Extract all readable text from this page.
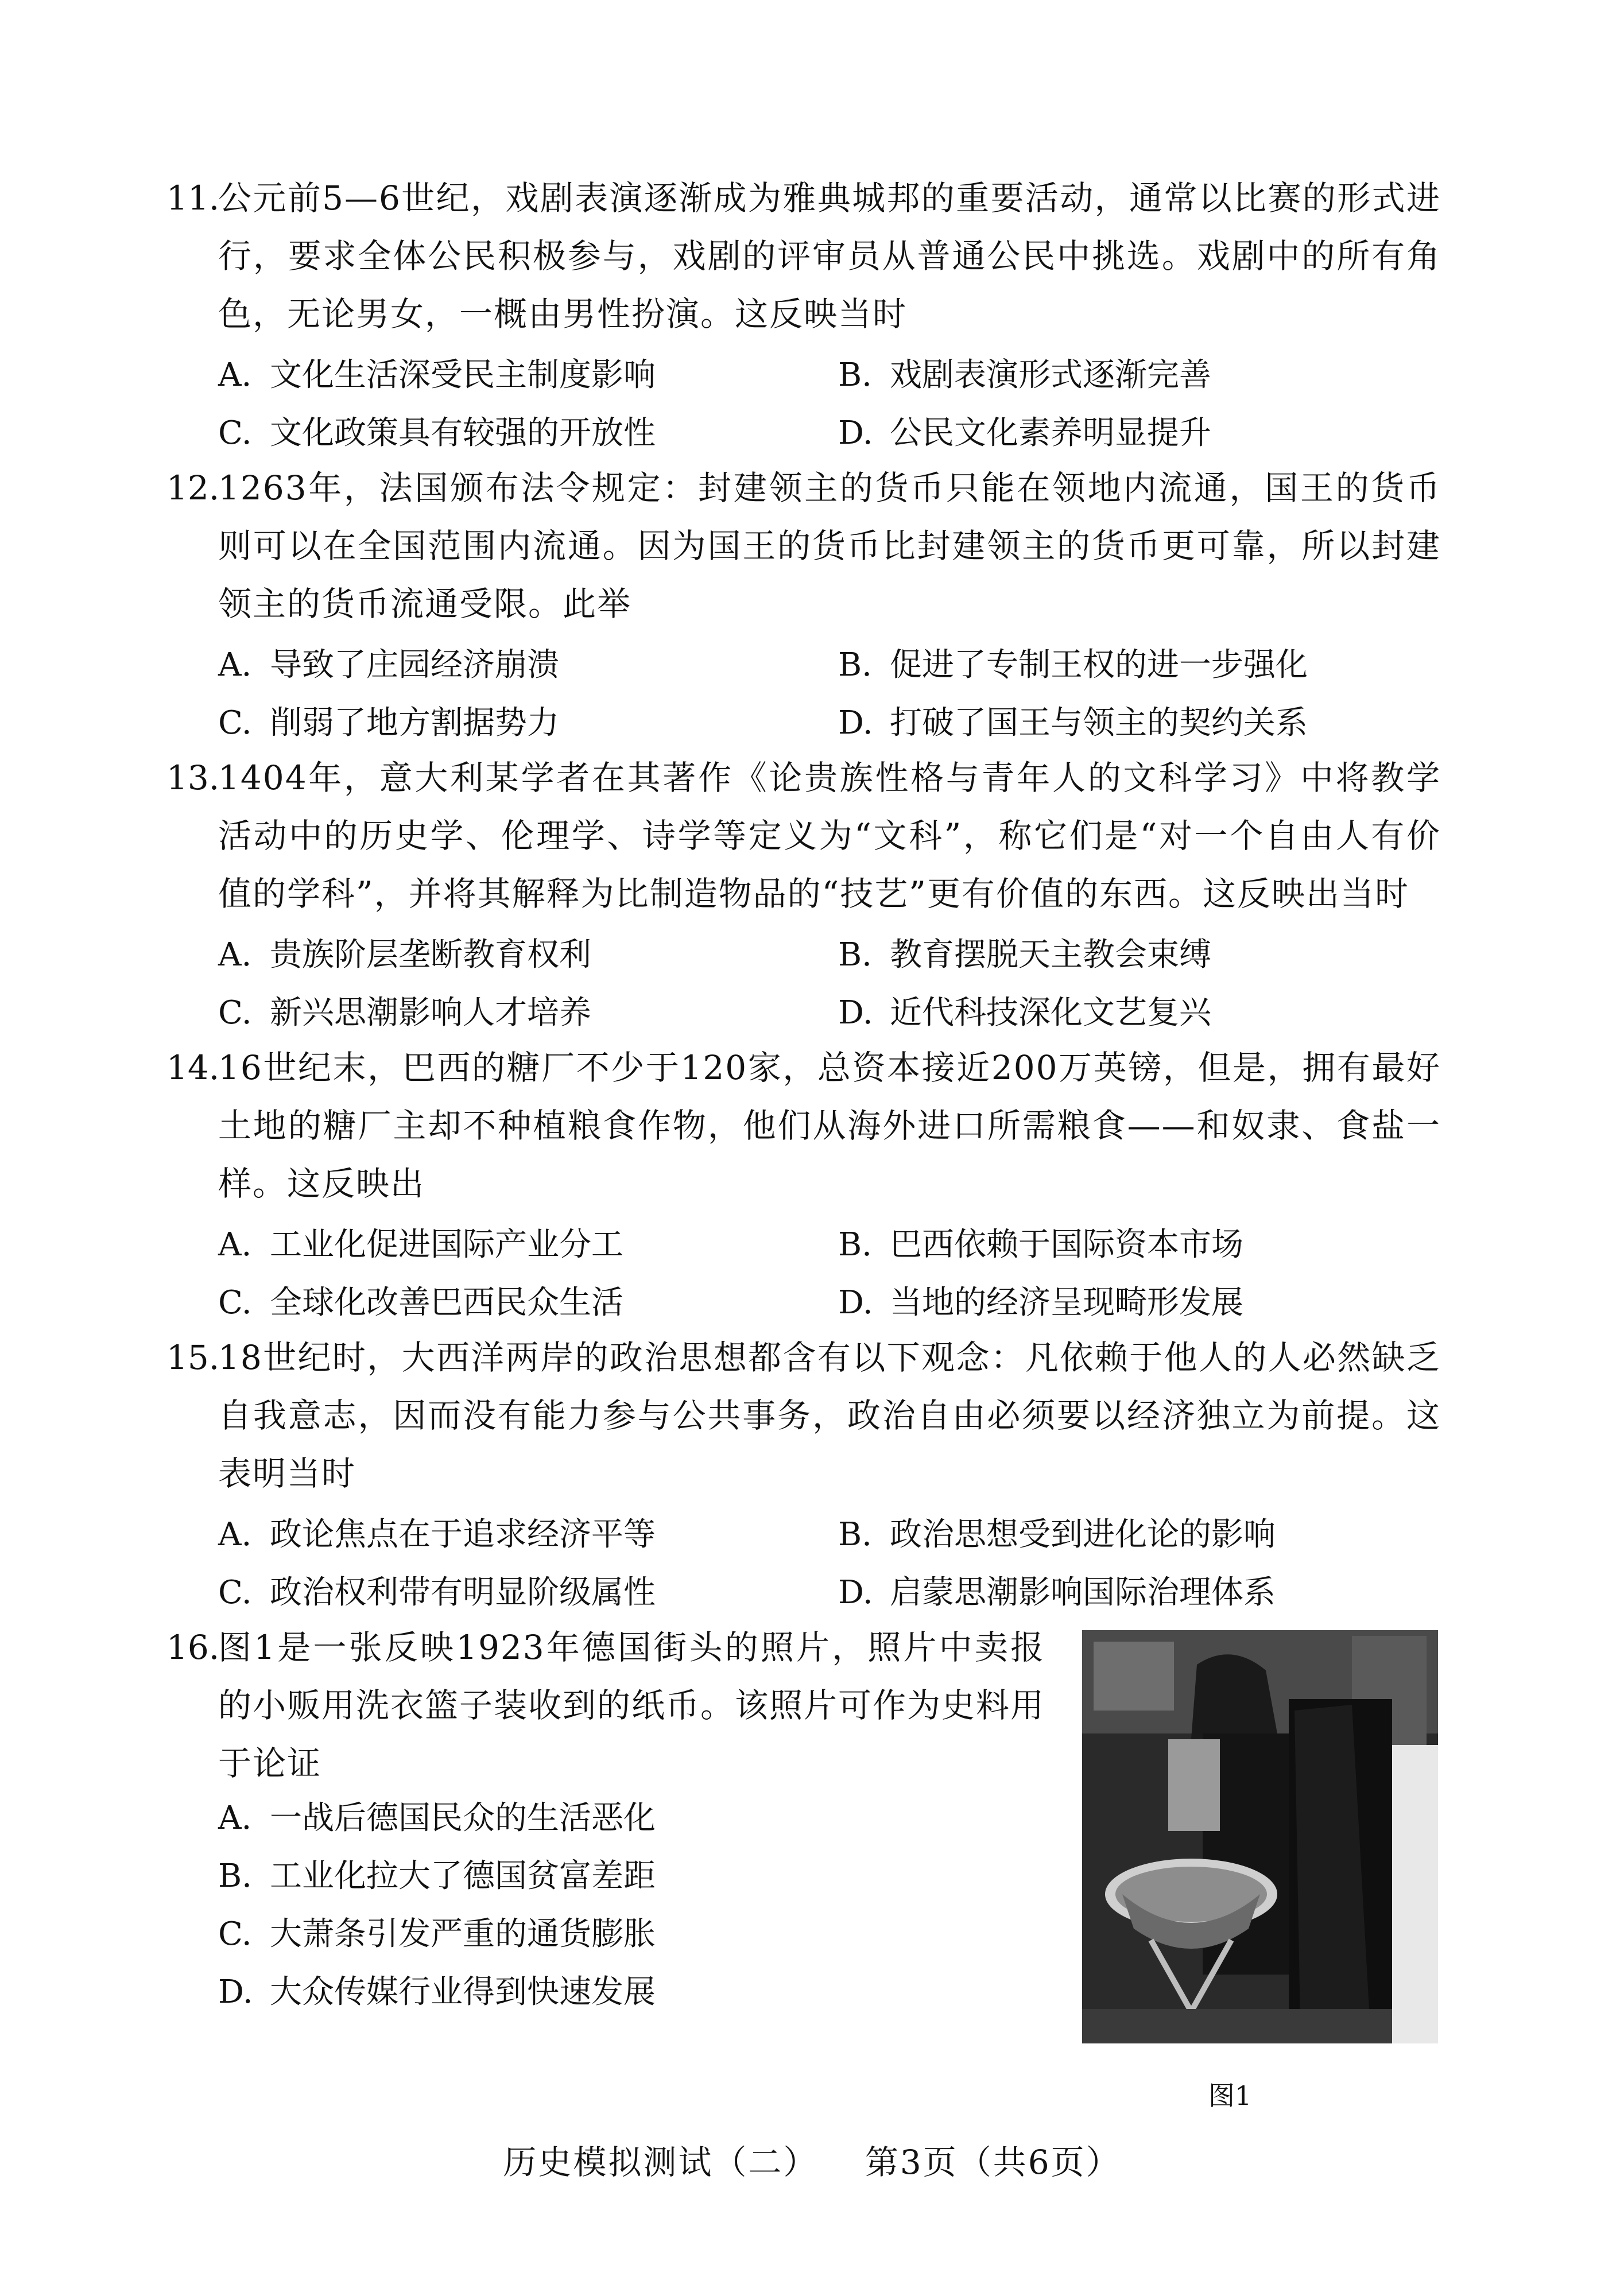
11.
公元前5—6世纪，戏剧表演逐渐成为雅典城邦的重要活动，通常以比赛的形式进行，要求全体公民积极参与，戏剧的评审员从普通公民中挑选。戏剧中的所有角色，无论男女，一概由男性扮演。这反映当时
A. 文化生活深受民主制度影响	B. 戏剧表演形式逐渐完善
C. 文化政策具有较强的开放性	D. 公民文化素养明显提升
12.
1263年，法国颁布法令规定：封建领主的货币只能在领地内流通，国王的货币则可以在全国范围内流通。因为国王的货币比封建领主的货币更可靠，所以封建领主的货币流通受限。此举
A. 导致了庄园经济崩溃	B. 促进了专制王权的进一步强化
C. 削弱了地方割据势力	D. 打破了国王与领主的契约关系
13.
1404年，意大利某学者在其著作《论贵族性格与青年人的文科学习》中将教学活动中的历史学、伦理学、诗学等定义为“文科”，称它们是“对一个自由人有价值的学科”，并将其解释为比制造物品的“技艺”更有价值的东西。这反映出当时
A. 贵族阶层垄断教育权利	B. 教育摆脱天主教会束缚
C. 新兴思潮影响人才培养	D. 近代科技深化文艺复兴
14.
16世纪末，巴西的糖厂不少于120家，总资本接近200万英镑，但是，拥有最好土地的糖厂主却不种植粮食作物，他们从海外进口所需粮食——和奴隶、食盐一样。这反映出
A. 工业化促进国际产业分工	B. 巴西依赖于国际资本市场
C. 全球化改善巴西民众生活	D. 当地的经济呈现畸形发展
15.
18世纪时，大西洋两岸的政治思想都含有以下观念：凡依赖于他人的人必然缺乏自我意志，因而没有能力参与公共事务，政治自由必须要以经济独立为前提。这表明当时
A. 政论焦点在于追求经济平等	B. 政治思想受到进化论的影响
C. 政治权利带有明显阶级属性	D. 启蒙思潮影响国际治理体系
16.
图1是一张反映1923年德国街头的照片，照片中卖报的小贩用洗衣篮子装收到的纸币。该照片可作为史料用于论证
A. 一战后德国民众的生活恶化
B. 工业化拉大了德国贫富差距
C. 大萧条引发严重的通货膨胀
D. 大众传媒行业得到快速发展
图1
历史模拟测试（二） 第3页（共6页）
